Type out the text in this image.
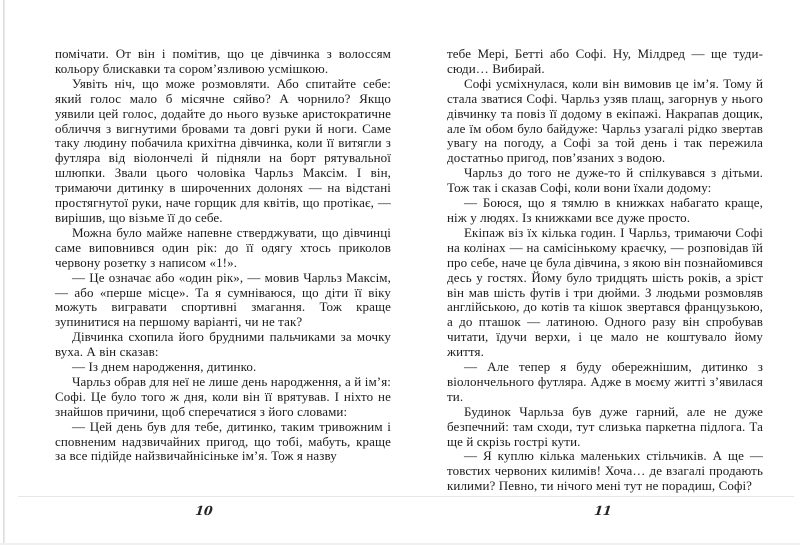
помічати. От він і помітив, що це дівчинка з волоссям кольору блискавки та сором’язливою усмішкою.

Уявіть ніч, що може розмовляти. Або спитайте себе: який голос мало б місячне сяйво? А чорнило? Якщо уявили цей голос, додайте до нього вузьке аристократичне обличчя з вигнутими бровами та довгі руки й ноги. Саме таку людину побачила крихітна дівчинка, коли її витягли з футляра від віолончелі й підняли на борт рятувальної шлюпки. Звали цього чоловіка Чарльз Максім. І він, тримаючи дитинку в широченних долонях — на відстані простягнутої руки, наче горщик для квітів, що протікає, — вирішив, що візьме її до себе.

Можна було майже напевне стверджувати, що дівчинці саме виповнився один рік: до її одягу хтось приколов червону розетку з написом «1!».

— Це означає або «один рік», — мовив Чарльз Максім, — або «перше місце». Та я сумніваюся, що діти її віку можуть вигравати спортивні змагання. Тож краще зупинитися на першому варіанті, чи не так?

Дівчинка схопила його брудними пальчиками за мочку вуха. А він сказав:

— Із днем народження, дитинко.

Чарльз обрав для неї не лише день народження, а й ім’я: Софі. Це було того ж дня, коли він її врятував. І ніхто не знайшов причини, щоб сперечатися з його словами:

— Цей день був для тебе, дитинко, таким тривожним і сповненим надзвичайних пригод, що тобі, мабуть, краще за все підійде найзвичайнісіньке ім’я. Тож я назву

тебе Мері, Бетті або Софі. Ну, Мілдред — ще туди-сюди… Вибирай.

Софі усміхнулася, коли він вимовив це ім’я. Тому й стала зватися Софі. Чарльз узяв плащ, загорнув у нього дівчинку та повіз її додому в екіпажі. Накрапав дощик, але їм обом було байдуже: Чарльз узагалі рідко звертав увагу на погоду, а Софі за той день і так пережила достатньо пригод, пов’язаних з водою.

Чарльз до того не дуже-то й спілкувався з дітьми. Тож так і сказав Софі, коли вони їхали додому:

— Боюся, що я тямлю в книжках набагато краще, ніж у людях. Із книжками все дуже просто.

Екіпаж віз їх кілька годин. І Чарльз, тримаючи Софі на колінах — на самісінькому краєчку, — розповідав їй про себе, наче це була дівчина, з якою він познайомився десь у гостях. Йому було тридцять шість років, а зріст він мав шість футів і три дюйми. З людьми розмовляв англійською, до котів та кішок звертався французькою, а до пташок — латиною. Одного разу він спробував читати, їдучи верхи, і це мало не коштувало йому життя.

— Але тепер я буду обережнішим, дитинко з віолончельного футляра. Адже в моєму житті з’явилася ти.

Будинок Чарльза був дуже гарний, але не дуже безпечний: там сходи, тут слизька паркетна підлога. Та ще й скрізь гострі кути.

— Я куплю кілька маленьких стільчиків. А ще — товстих червоних килимів! Хоча… де взагалі продають килими? Певно, ти нічого мені тут не порадиш, Софі?

10	11
